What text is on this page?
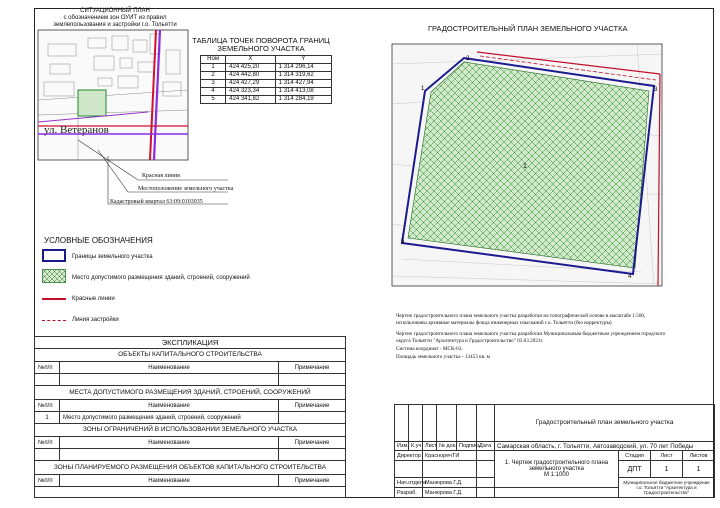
СИТУАЦИОННЫЙ ПЛАН
с обозначением зон ОУИТ из правил
землепользования и застройки г.о. Тольятти
ул. Ветеранов
Красная линия
Местоположение земельного участка
Кадастровый квартал 63:09:0103035
ТАБЛИЦА ТОЧЕК ПОВОРОТА ГРАНИЦ
ЗЕМЕЛЬНОГО УЧАСТКА
Ном	X	Y
1	424 425,20	1 314 296,14
2	424 442,80	1 314 319,62
3	424 427,29	1 314 427,94
4	424 323,34	1 314 413,08
5	424 341,82	1 314 284,19
УСЛОВНЫЕ ОБОЗНАЧЕНИЯ
Границы земельного участка
Место допустимого размещения зданий, строений, сооружений
Красные линии
Линия застройки
ГРАДОСТРОИТЕЛЬНЫЙ ПЛАН ЗЕМЕЛЬНОГО УЧАСТКА
1
1
2
3
4
5
Чертеж градостроительного плана земельного участка разработан на топографической основе в масштабе 1:500,
использованы архивные материалы фонда инженерных изысканий г.о. Тольятти (без корректуры)
Чертеж градостроительного плана земельного участка разработан Муниципальным бюджетным учреждением городского
округа Тольятти "Архитектура и Градостроительство" 03.03.2021г.
Система координат - МСК-63.
Площадь земельного участка - 13453 кв. м
ЭКСПЛИКАЦИЯ
ОБЪЕКТЫ КАПИТАЛЬНОГО СТРОИТЕЛЬСТВА
№п/п	Наименование	Примечание

МЕСТА ДОПУСТИМОГО РАЗМЕЩЕНИЯ ЗДАНИЙ, СТРОЕНИЙ, СООРУЖЕНИЙ
№п/п	Наименование	Примечание
1	Место допустимого размещения зданий, строений, сооружений	
ЗОНЫ ОГРАНИЧЕНИЙ В ИСПОЛЬЗОВАНИИ ЗЕМЕЛЬНОГО УЧАСТКА
№п/п	Наименование	Примечание

ЗОНЫ ПЛАНИРУЕМОГО РАЗМЕЩЕНИЯ ОБЪЕКТОВ КАПИТАЛЬНОГО СТРОИТЕЛЬСТВА
№п/п	Наименование	Примечание
						Градостроительный план земельного участка			
Изм.	К.уч.	Лист	№ док.	Подпись	Дата	Самарская область, г. Тольятти, Автозаводский, ул. 70 лет Победы			
Директор		КрасноречТИ				1. Чертеж градостроительного плана земельного участка
М 1:1000	Стадия	Лист	Листов
							ДПТ	1	1
Нач.отдела		Манюрова Г.Д.					Муниципальное бюджетное учреждение г.о. Тольятти "Архитектура и Градостроительство"		
Разраб.		Манюрова Г.Д.							
